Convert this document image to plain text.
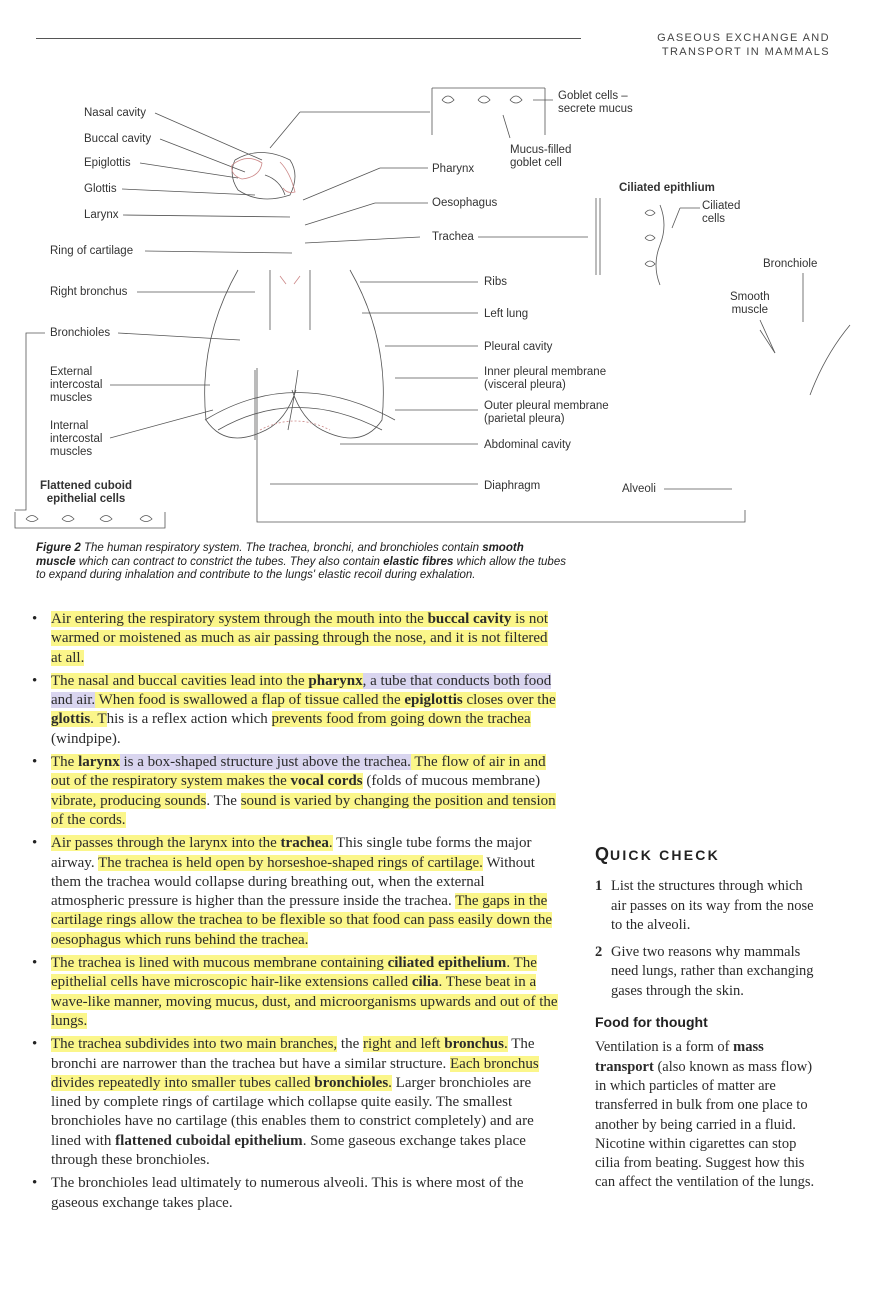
GASEOUS EXCHANGE AND
TRANSPORT IN MAMMALS
Nasal cavity
Buccal cavity
Epiglottis
Glottis
Larynx
Ring of cartilage
Right bronchus
Bronchioles
External
intercostal
muscles
Internal
intercostal
muscles
Flattened cuboid
epithelial cells
Goblet cells –
secrete mucus
Mucus-filled
goblet cell
Pharynx
Oesophagus
Trachea
Ribs
Left lung
Pleural cavity
Inner pleural membrane
(visceral pleura)
Outer pleural membrane
(parietal pleura)
Abdominal cavity
Diaphragm
Ciliated epithlium
Ciliated
cells
Bronchiole
Smooth
muscle
Alveoli
Figure 2 The human respiratory system. The trachea, bronchi, and bronchioles contain smooth muscle which can contract to constrict the tubes. They also contain elastic fibres which allow the tubes to expand during inhalation and contribute to the lungs' elastic recoil during exhalation.
• Air entering the respiratory system through the mouth into the buccal cavity is not warmed or moistened as much as air passing through the nose, and it is not filtered at all.
• The nasal and buccal cavities lead into the pharynx, a tube that conducts both food and air. When food is swallowed a flap of tissue called the epiglottis closes over the glottis. This is a reflex action which prevents food from going down the trachea (windpipe).
• The larynx is a box-shaped structure just above the trachea. The flow of air in and out of the respiratory system makes the vocal cords (folds of mucous membrane) vibrate, producing sounds. The sound is varied by changing the position and tension of the cords.
• Air passes through the larynx into the trachea. This single tube forms the major airway. The trachea is held open by horseshoe-shaped rings of cartilage. Without them the trachea would collapse during breathing out, when the external atmospheric pressure is higher than the pressure inside the trachea. The gaps in the cartilage rings allow the trachea to be flexible so that food can pass easily down the oesophagus which runs behind the trachea.
• The trachea is lined with mucous membrane containing ciliated epithelium. The epithelial cells have microscopic hair-like extensions called cilia. These beat in a wave-like manner, moving mucus, dust, and microorganisms upwards and out of the lungs.
• The trachea subdivides into two main branches, the right and left bronchus. The bronchi are narrower than the trachea but have a similar structure. Each bronchus divides repeatedly into smaller tubes called bronchioles. Larger bronchioles are lined by complete rings of cartilage which collapse quite easily. The smallest bronchioles have no cartilage (this enables them to constrict completely) and are lined with flattened cuboidal epithelium. Some gaseous exchange takes place through these bronchioles.
• The bronchioles lead ultimately to numerous alveoli. This is where most of the gaseous exchange takes place.
QUICK CHECK
1 List the structures through which air passes on its way from the nose to the alveoli.
2 Give two reasons why mammals need lungs, rather than exchanging gases through the skin.
Food for thought
Ventilation is a form of mass transport (also known as mass flow) in which particles of matter are transferred in bulk from one place to another by being carried in a fluid. Nicotine within cigarettes can stop cilia from beating. Suggest how this can affect the ventilation of the lungs.
